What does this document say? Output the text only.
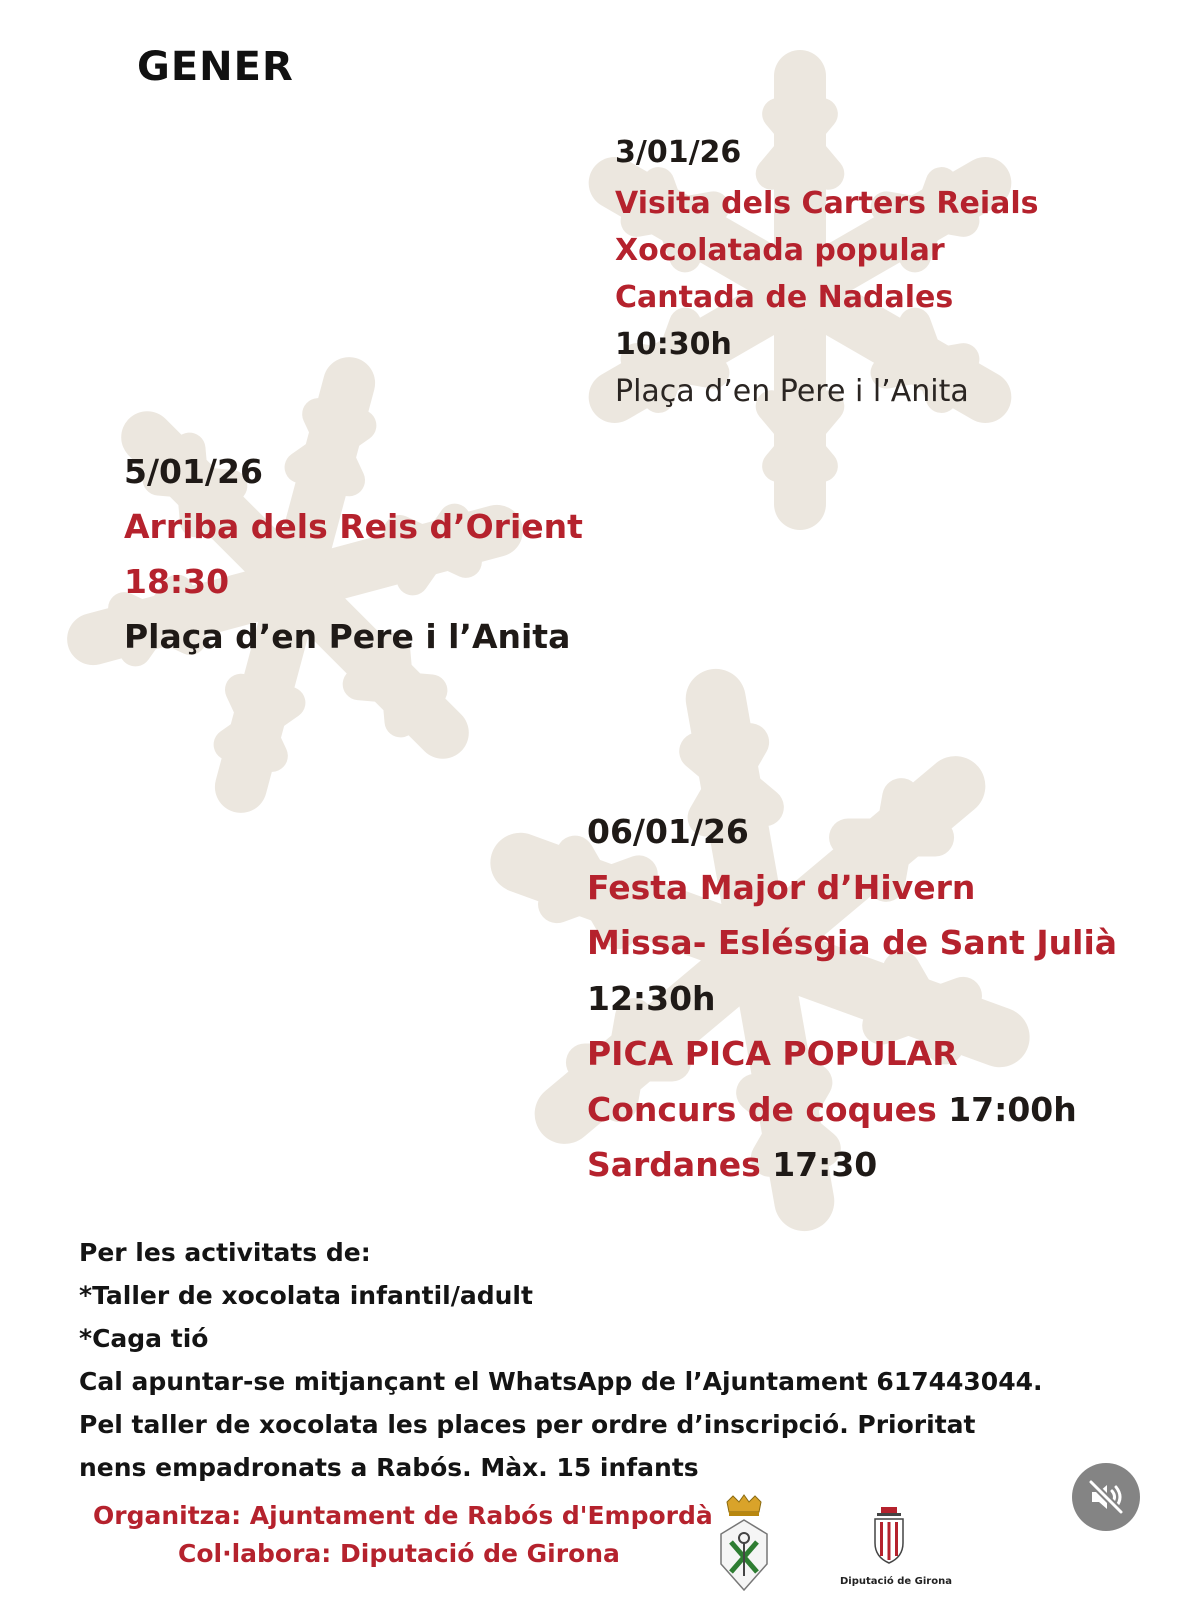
GENER
3/01/26
Visita dels Carters Reials
Xocolatada popular
Cantada de Nadales
10:30h
Plaça d’en Pere i l’Anita
5/01/26
Arriba dels Reis d’Orient
18:30
Plaça d’en Pere i l’Anita
06/01/26
Festa Major d’Hivern
Missa- Eslésgia de Sant Julià
12:30h
PICA PICA POPULAR
Concurs de coques 17:00h
Sardanes 17:30
Per les activitats de:
*Taller de xocolata infantil/adult
*Caga tió
Cal apuntar-se mitjançant el WhatsApp de l’Ajuntament 617443044.
Pel taller de xocolata les places per ordre d’inscripció. Prioritat
nens empadronats a Rabós. Màx. 15 infants
Organitza: Ajuntament de Rabós d'Empordà
Col·labora: Diputació de Girona
Diputació de Girona
